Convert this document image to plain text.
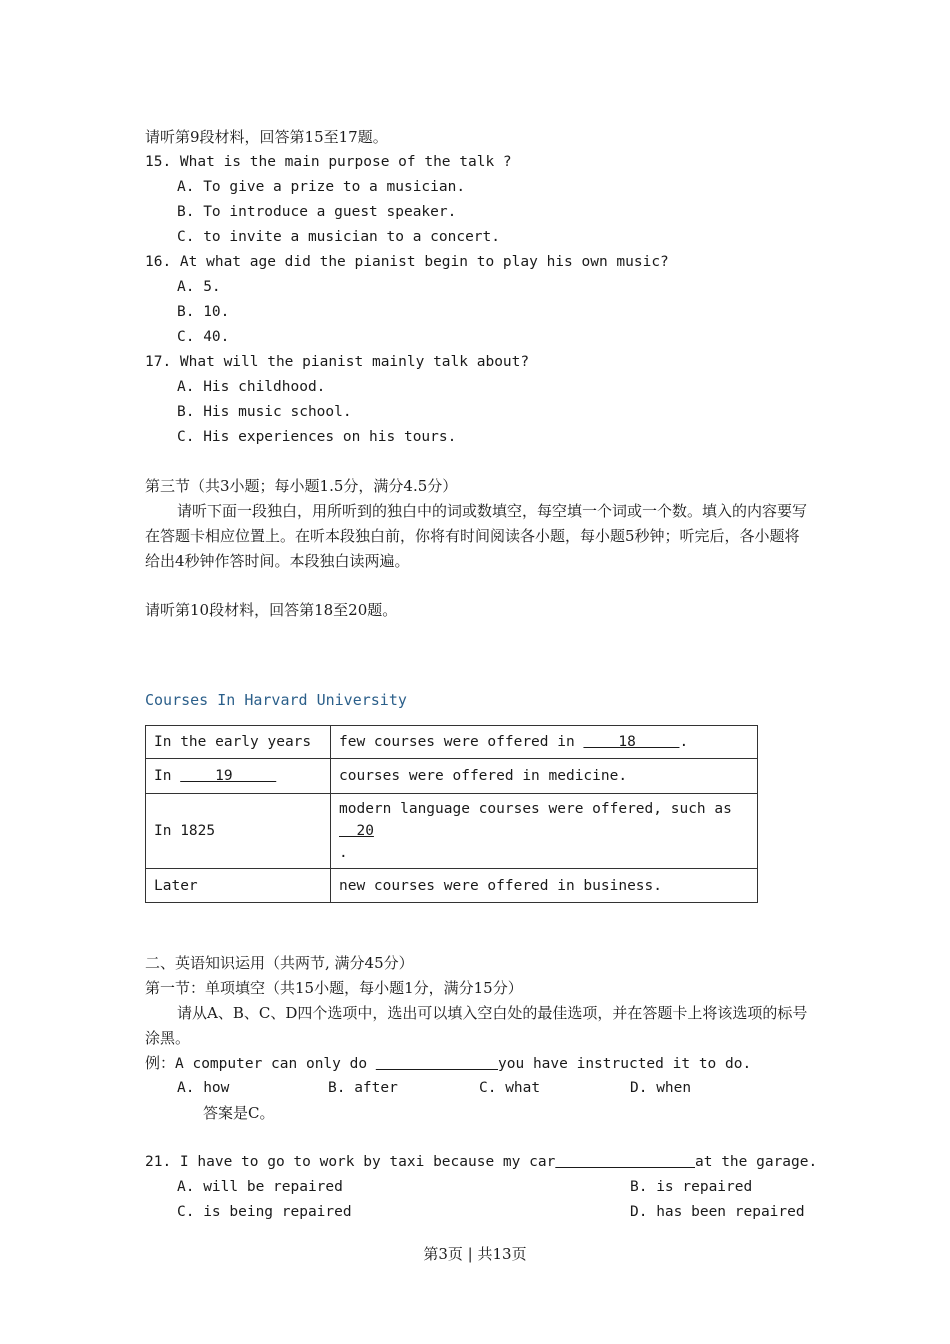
请听第9段材料，回答第15至17题。
15. What is the main purpose of the talk ?
A. To give a prize to a musician.
B. To introduce a guest speaker.
C. to invite a musician to a concert.
16. At what age did the pianist begin to play his own music?
A. 5.
B. 10.
C. 40.
17. What will the pianist mainly talk about?
A. His childhood.
B. His music school.
C. His experiences on his tours.
第三节（共3小题；每小题1.5分，满分4.5分）
请听下面一段独白，用所听到的独白中的词或数填空，每空填一个词或一个数。填入的内容要写在答题卡相应位置上。在听本段独白前，你将有时间阅读各小题，每小题5秒钟；听完后，各小题将给出4秒钟作答时间。本段独白读两遍。
请听第10段材料，回答第18至20题。
Courses In Harvard University
In the early years	few courses were offered in     18     .
In     19	courses were offered in medicine.
In 1825	modern language courses were offered, such as  20
.
Later	new courses were offered in business.
二、英语知识运用（共两节, 满分45分）
第一节：单项填空（共15小题，每小题1分，满分15分）
请从A、B、C、D四个选项中，选出可以填入空白处的最佳选项，并在答题卡上将该选项的标号涂黑。
例：A computer can only do	you have instructed it to do.
A. how	B. after	C. what	D. when
答案是C。
21. I have to go to work by taxi because my car	at the garage.
A. will be repaired	B. is repaired
C. is being repaired	D. has been repaired
第3页 | 共13页
